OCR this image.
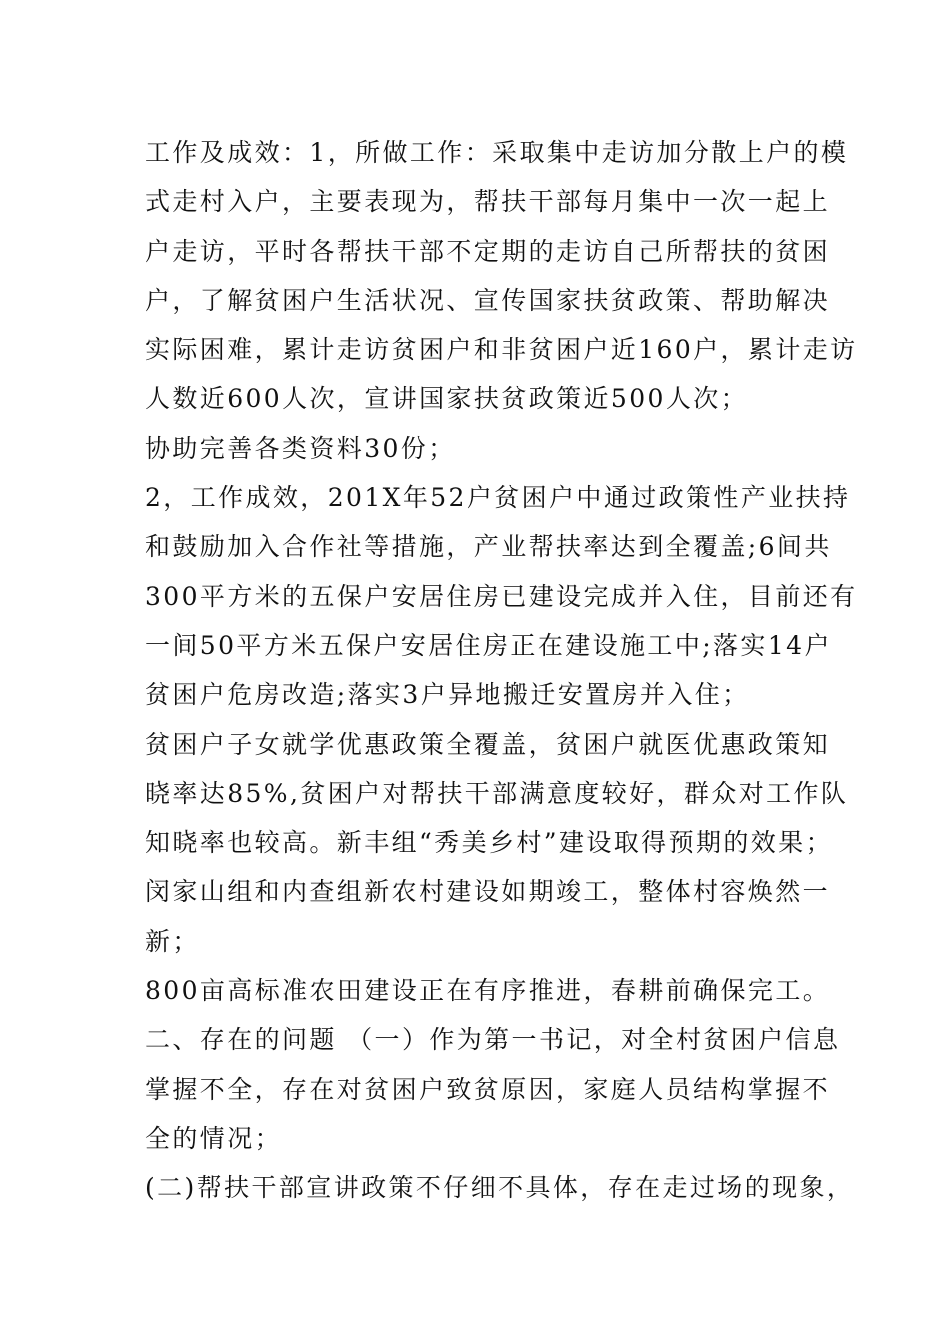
工作及成效：1，所做工作：采取集中走访加分散上户的模
式走村入户，主要表现为，帮扶干部每月集中一次一起上
户走访，平时各帮扶干部不定期的走访自己所帮扶的贫困
户，了解贫困户生活状况、宣传国家扶贫政策、帮助解决
实际困难，累计走访贫困户和非贫困户近160户，累计走访
人数近600人次，宣讲国家扶贫政策近500人次；
协助完善各类资料30份；
2，工作成效，201X年52户贫困户中通过政策性产业扶持
和鼓励加入合作社等措施，产业帮扶率达到全覆盖;6间共
300平方米的五保户安居住房已建设完成并入住，目前还有
一间50平方米五保户安居住房正在建设施工中;落实14户
贫困户危房改造;落实3户异地搬迁安置房并入住；
贫困户子女就学优惠政策全覆盖，贫困户就医优惠政策知
晓率达85%,贫困户对帮扶干部满意度较好，群众对工作队
知晓率也较高。新丰组“秀美乡村”建设取得预期的效果；
闵家山组和内查组新农村建设如期竣工，整体村容焕然一
新；
800亩高标准农田建设正在有序推进，春耕前确保完工。
二、存在的问题 （一）作为第一书记，对全村贫困户信息
掌握不全，存在对贫困户致贫原因，家庭人员结构掌握不
全的情况；
(二)帮扶干部宣讲政策不仔细不具体，存在走过场的现象，
